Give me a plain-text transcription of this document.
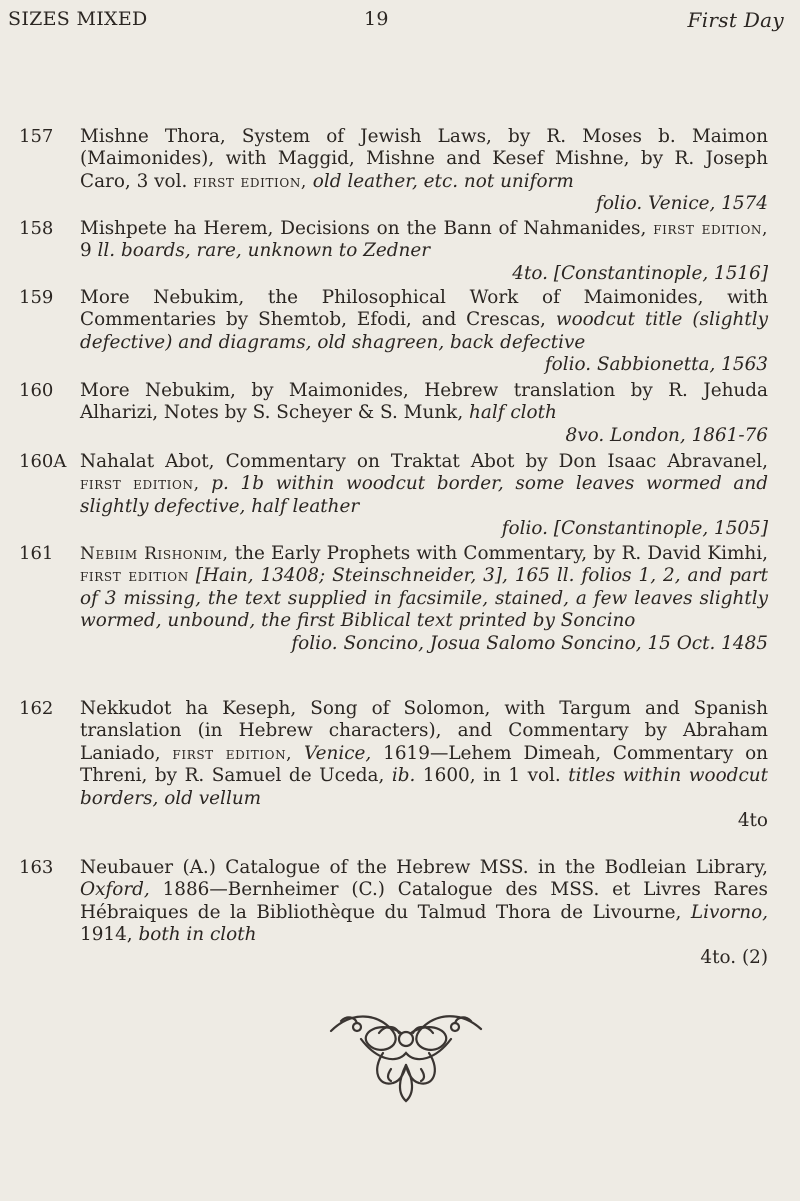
SIZES MIXED	19	First Day
157	Mishne Thora, System of Jewish Laws, by R. Moses b. Maimon (Maimonides), with Maggid, Mishne and Kesef Mishne, by R. Joseph Caro, 3 vol. first edition, old leather, etc. not uniform
folio. Venice, 1574
158	Mishpete ha Herem, Decisions on the Bann of Nahmanides, first edition, 9 ll. boards, rare, unknown to Zedner
4to. [Constantinople, 1516]
159	More Nebukim, the Philosophical Work of Maimonides, with Commentaries by Shemtob, Efodi, and Crescas, woodcut title (slightly defective) and diagrams, old shagreen, back defective
folio. Sabbionetta, 1563
160	More Nebukim, by Maimonides, Hebrew translation by R. Jehuda Alharizi, Notes by S. Scheyer & S. Munk, half cloth
8vo. London, 1861-76
160A Nahalat Abot, Commentary on Traktat Abot by Don Isaac Abravanel, first edition, p. 1b within woodcut border, some leaves wormed and slightly defective, half leather
folio. [Constantinople, 1505]
161	Nebiim Rishonim, the Early Prophets with Commentary, by R. David Kimhi, first edition [Hain, 13408; Steinschneider, 3], 165 ll. folios 1, 2, and part of 3 missing, the text supplied in facsimile, stained, a few leaves slightly wormed, unbound, the first Biblical text printed by Soncino
folio. Soncino, Josua Salomo Soncino, 15 Oct. 1485
162	Nekkudot ha Keseph, Song of Solomon, with Targum and Spanish translation (in Hebrew characters), and Commentary by Abraham Laniado, first edition, Venice, 1619—Lehem Dimeah, Commentary on Threni, by R. Samuel de Uceda, ib. 1600, in 1 vol. titles within woodcut borders, old vellum
4to
163	Neubauer (A.) Catalogue of the Hebrew MSS. in the Bodleian Library, Oxford, 1886—Bernheimer (C.) Catalogue des MSS. et Livres Rares Hébraiques de la Bibliothèque du Talmud Thora de Livourne, Livorno, 1914, both in cloth
4to. (2)
